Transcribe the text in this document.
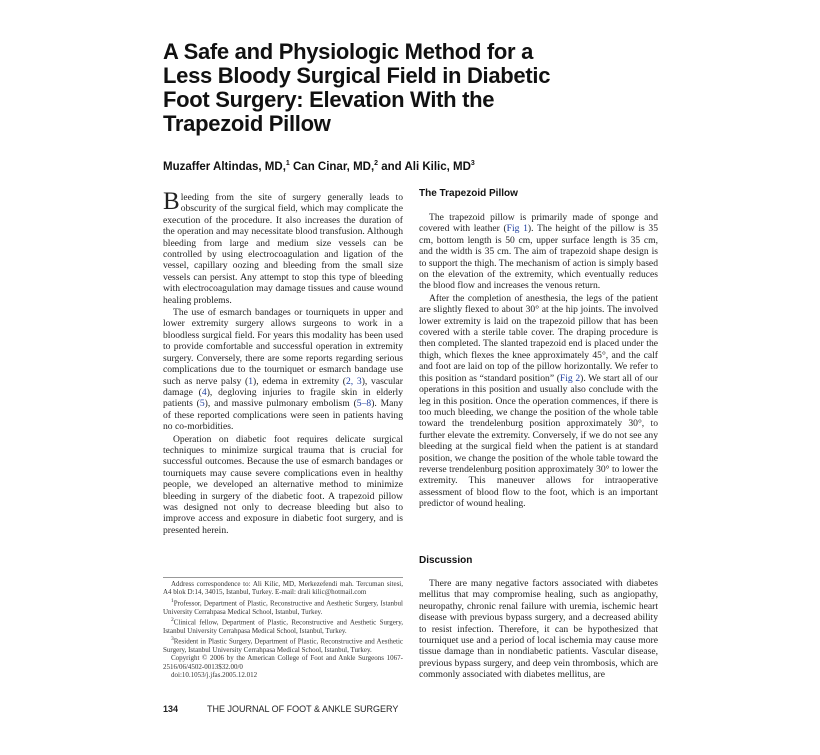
A Safe and Physiologic Method for a
Less Bloody Surgical Field in Diabetic
Foot Surgery: Elevation With the
Trapezoid Pillow
Muzaffer Altindas, MD,$^1$ Can Cinar, MD,$^2$ and Ali Kilic, $MD^3$

Bleeding from the site of surgery generally leads to obscurity of the surgical field, which may complicate the execution of the procedure. It also increases the duration of the operation and may necessitate blood transfusion. Although bleeding from large and medium size vessels can be controlled by using electrocoagulation and ligation of the vessel, capillary oozing and bleeding from the small size vessels can persist. Any attempt to stop this type of bleeding with electrocoagulation may damage tissues and cause wound healing problems.

The use of esmarch bandages or tourniquets in upper and lower extremity surgery allows surgeons to work in a bloodless surgical field. For years this modality has been used to provide comfortable and successful operation in extremity surgery. Conversely, there are some reports regarding serious complications due to the tourniquet or esmarch bandage use such as nerve palsy (1), edema in extremity (2, 3), vascular damage (4), degloving injuries to fragile skin in elderly patients (5), and massive pulmonary embolism (5–8). Many of these reported complications were seen in patients having no co-morbidities.

Operation on diabetic foot requires delicate surgical techniques to minimize surgical trauma that is crucial for successful outcomes. Because the use of esmarch bandages or tourniquets may cause severe complications even in healthy people, we developed an alternative method to minimize bleeding in surgery of the diabetic foot. A trapezoid pillow was designed not only to decrease bleeding but also to improve access and exposure in diabetic foot surgery, and is presented herein.

The Trapezoid Pillow

The trapezoid pillow is primarily made of sponge and covered with leather (Fig 1). The height of the pillow is 35 cm, bottom length is 50 cm, upper surface length is 35 cm, and the width is 35 cm. The aim of trapezoid shape design is to support the thigh. The mechanism of action is simply based on the elevation of the extremity, which eventually reduces the blood flow and increases the venous return.

After the completion of anesthesia, the legs of the patient are slightly flexed to about 30° at the hip joints. The involved lower extremity is laid on the trapezoid pillow that has been covered with a sterile table cover. The draping procedure is then completed. The slanted trapezoid end is placed under the thigh, which flexes the knee approximately 45°, and the calf and foot are laid on top of the pillow horizontally. We refer to this position as “standard position” (Fig 2). We start all of our operations in this position and usually also conclude with the leg in this position. Once the operation commences, if there is too much bleeding, we change the position of the whole table toward the trendelenburg position approximately 30°, to further elevate the extremity. Conversely, if we do not see any bleeding at the surgical field when the patient is at standard position, we change the position of the whole table toward the reverse trendelenburg position approximately 30° to lower the extremity. This maneuver allows for intraoperative assessment of blood flow to the foot, which is an important predictor of wound healing.

Discussion

There are many negative factors associated with diabetes mellitus that may compromise healing, such as angiopathy, neuropathy, chronic renal failure with uremia, ischemic heart disease with previous bypass surgery, and a decreased ability to resist infection. Therefore, it can be hypothesized that tourniquet use and a period of local ischemia may cause more tissue damage than in nondiabetic patients. Vascular disease, previous bypass surgery, and deep vein thrombosis, which are commonly associated with diabetes mellitus, are

Address correspondence to: Ali Kilic, MD, Merkezefendi mah. Tercuman sitesi, A4 blok D:14, 34015, Istanbul, Turkey. E-mail: drali kilic@hotmail.com

$^1$Professor, Department of Plastic, Reconstructive and Aesthetic Surgery, Istanbul University Cerrahpasa Medical School, Istanbul, Turkey.

$^2$Clinical fellow, Department of Plastic, Reconstructive and Aesthetic Surgery, Istanbul University Cerrahpasa Medical School, Istanbul, Turkey.

$^3$Resident in Plastic Surgery, Department of Plastic, Reconstructive and Aesthetic Surgery, Istanbul University Cerrahpasa Medical School, Istanbul, Turkey.

Copyright © 2006 by the American College of Foot and Ankle Surgeons 1067-2516/06/4502-0013$32.00/0

doi:10.1053/j.jfas.2005.12.012

134	THE JOURNAL OF FOOT & ANKLE SURGERY
